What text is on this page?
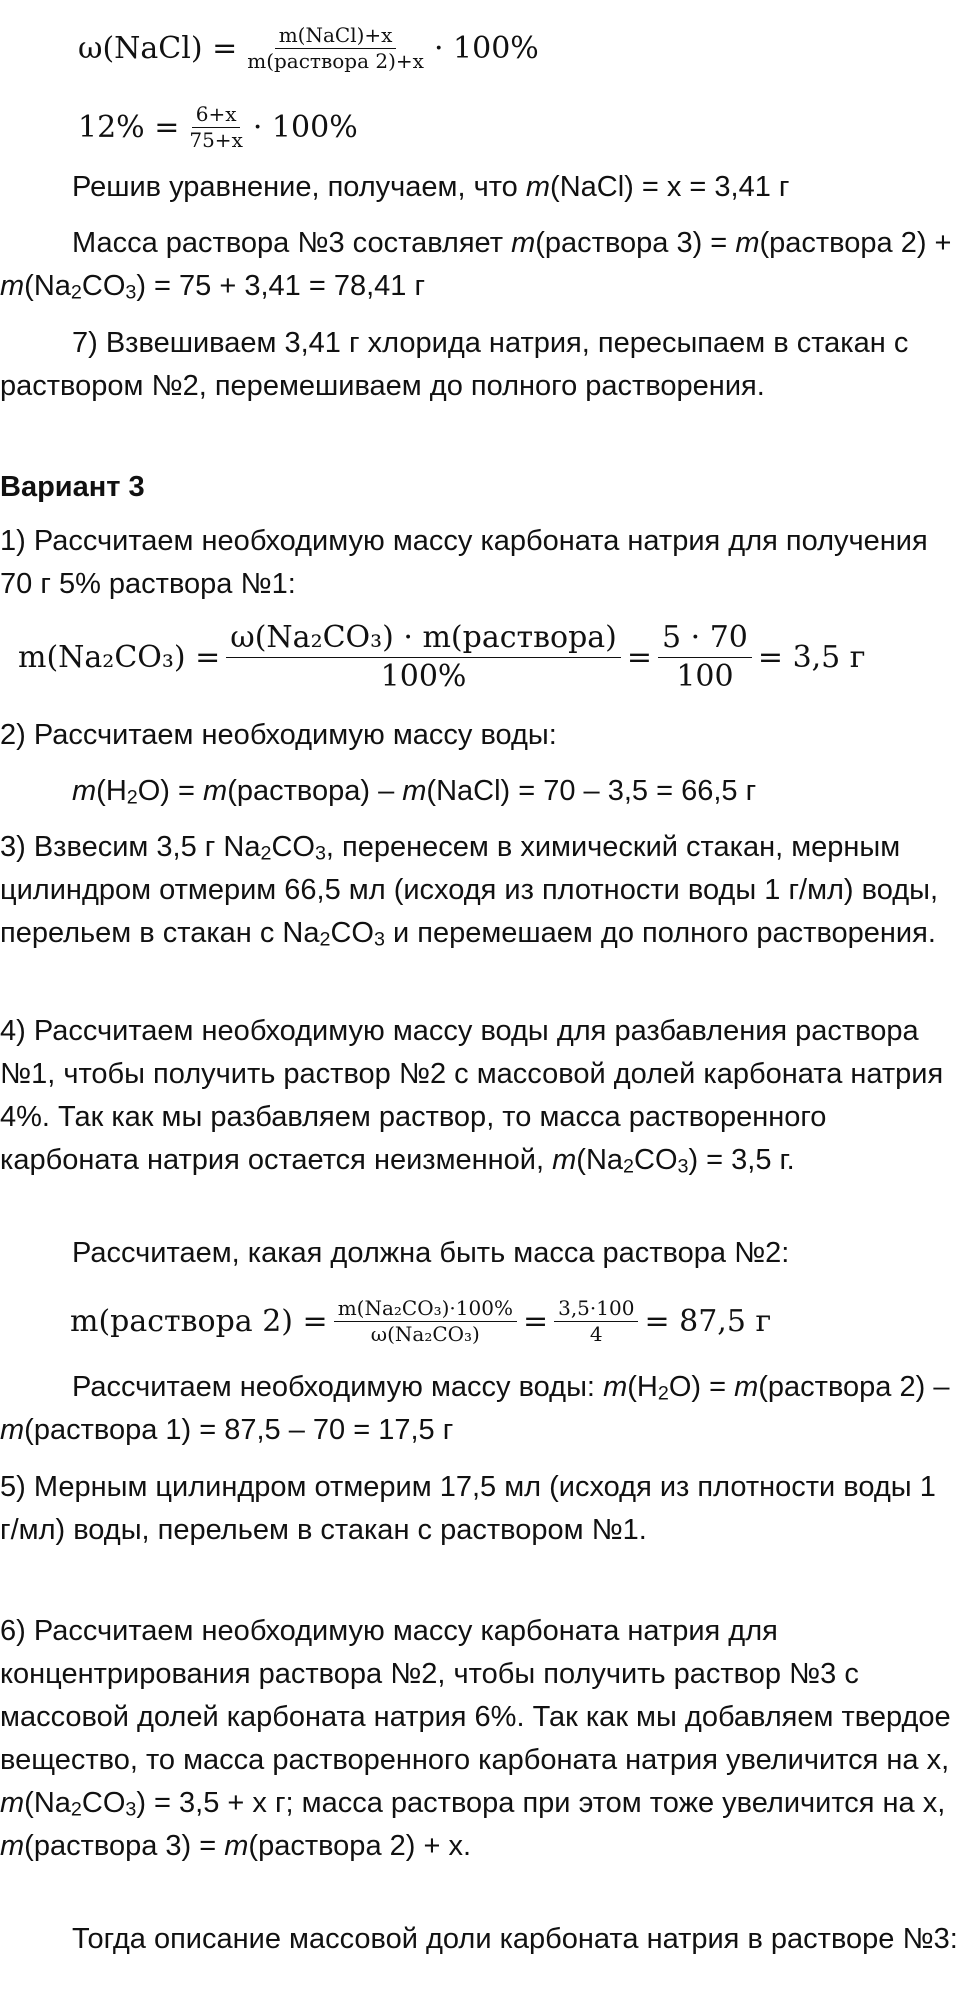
ω(NaCl) = $\frac{\text{m(NaCl)+x}}{\text{m(раствора 2)+x}} \cdot 100\%$
$12\% = \frac{6+x}{75+x} \cdot 100\%$

Решив уравнение, получаем, что m(NaCl) = x = 3,41 г

Масса раствора №3 составляет m(раствора 3) = m(раствора $2) + m(Na_2CO_3) = 75 + 3,41 = 78,41$ г

7) Взвешиваем 3,41 г хлорида натрия, пересыпаем в стакан с раствором №2, перемешиваем до полного растворения.

Вариант 3

1) Рассчитаем необходимую массу карбоната натрия для получения 70 г 5% раствора №1:

$m(Na_2CO_3) = \frac{\text{ω(Na₂CO₃) · m(раствора)}}{100\%} = \frac{5 \cdot 70}{100} = 3,5$ г

2) Рассчитаем необходимую массу воды:

$m(H_2O)$ = m(раствора) – m(NaCl) = 70 – 3,5 = 66,5 г

3) Взвесим 3,5 г $Na_2CO_3$, перенесем в химический стакан, мерным цилиндром отмерим 66,5 мл (исходя из плотности воды 1 г/мл) воды, перельем в стакан с $Na_2CO_3$ и перемешаем до полного растворения.

4) Рассчитаем необходимую массу воды для разбавления раствора №1, чтобы получить раствор №2 с массовой долей карбоната натрия 4%. Так как мы разбавляем раствор, то масса растворенного карбоната натрия остается неизменной, $m(Na_2CO_3) = 3,5$ г.

Рассчитаем, какая должна быть масса раствора №2:

m(раствора $2) = \frac{\text{m(Na₂CO₃)·100\%}}{\text{ω(Na₂CO₃)}} = \frac{3,5\cdot 100}{4} = 87,5$ г

Рассчитаем необходимую массу воды: $m(H_2O)$ = m(раствора 2) – m(раствора 1) = 87,5 – 70 = 17,5 г

5) Мерным цилиндром отмерим 17,5 мл (исходя из плотности воды 1 г/мл) воды, перельем в стакан с раствором №1.

6) Рассчитаем необходимую массу карбоната натрия для концентрирования раствора №2, чтобы получить раствор №3 с массовой долей карбоната натрия 6%. Так как мы добавляем твердое вещество, то масса растворенного карбоната натрия увеличится на x, $m(Na_2CO_3) = 3,5 + x$ г; масса раствора при этом тоже увеличится на x, m(раствора 3) = m(раствора 2) + x.

Тогда описание массовой доли карбоната натрия в растворе №3:
